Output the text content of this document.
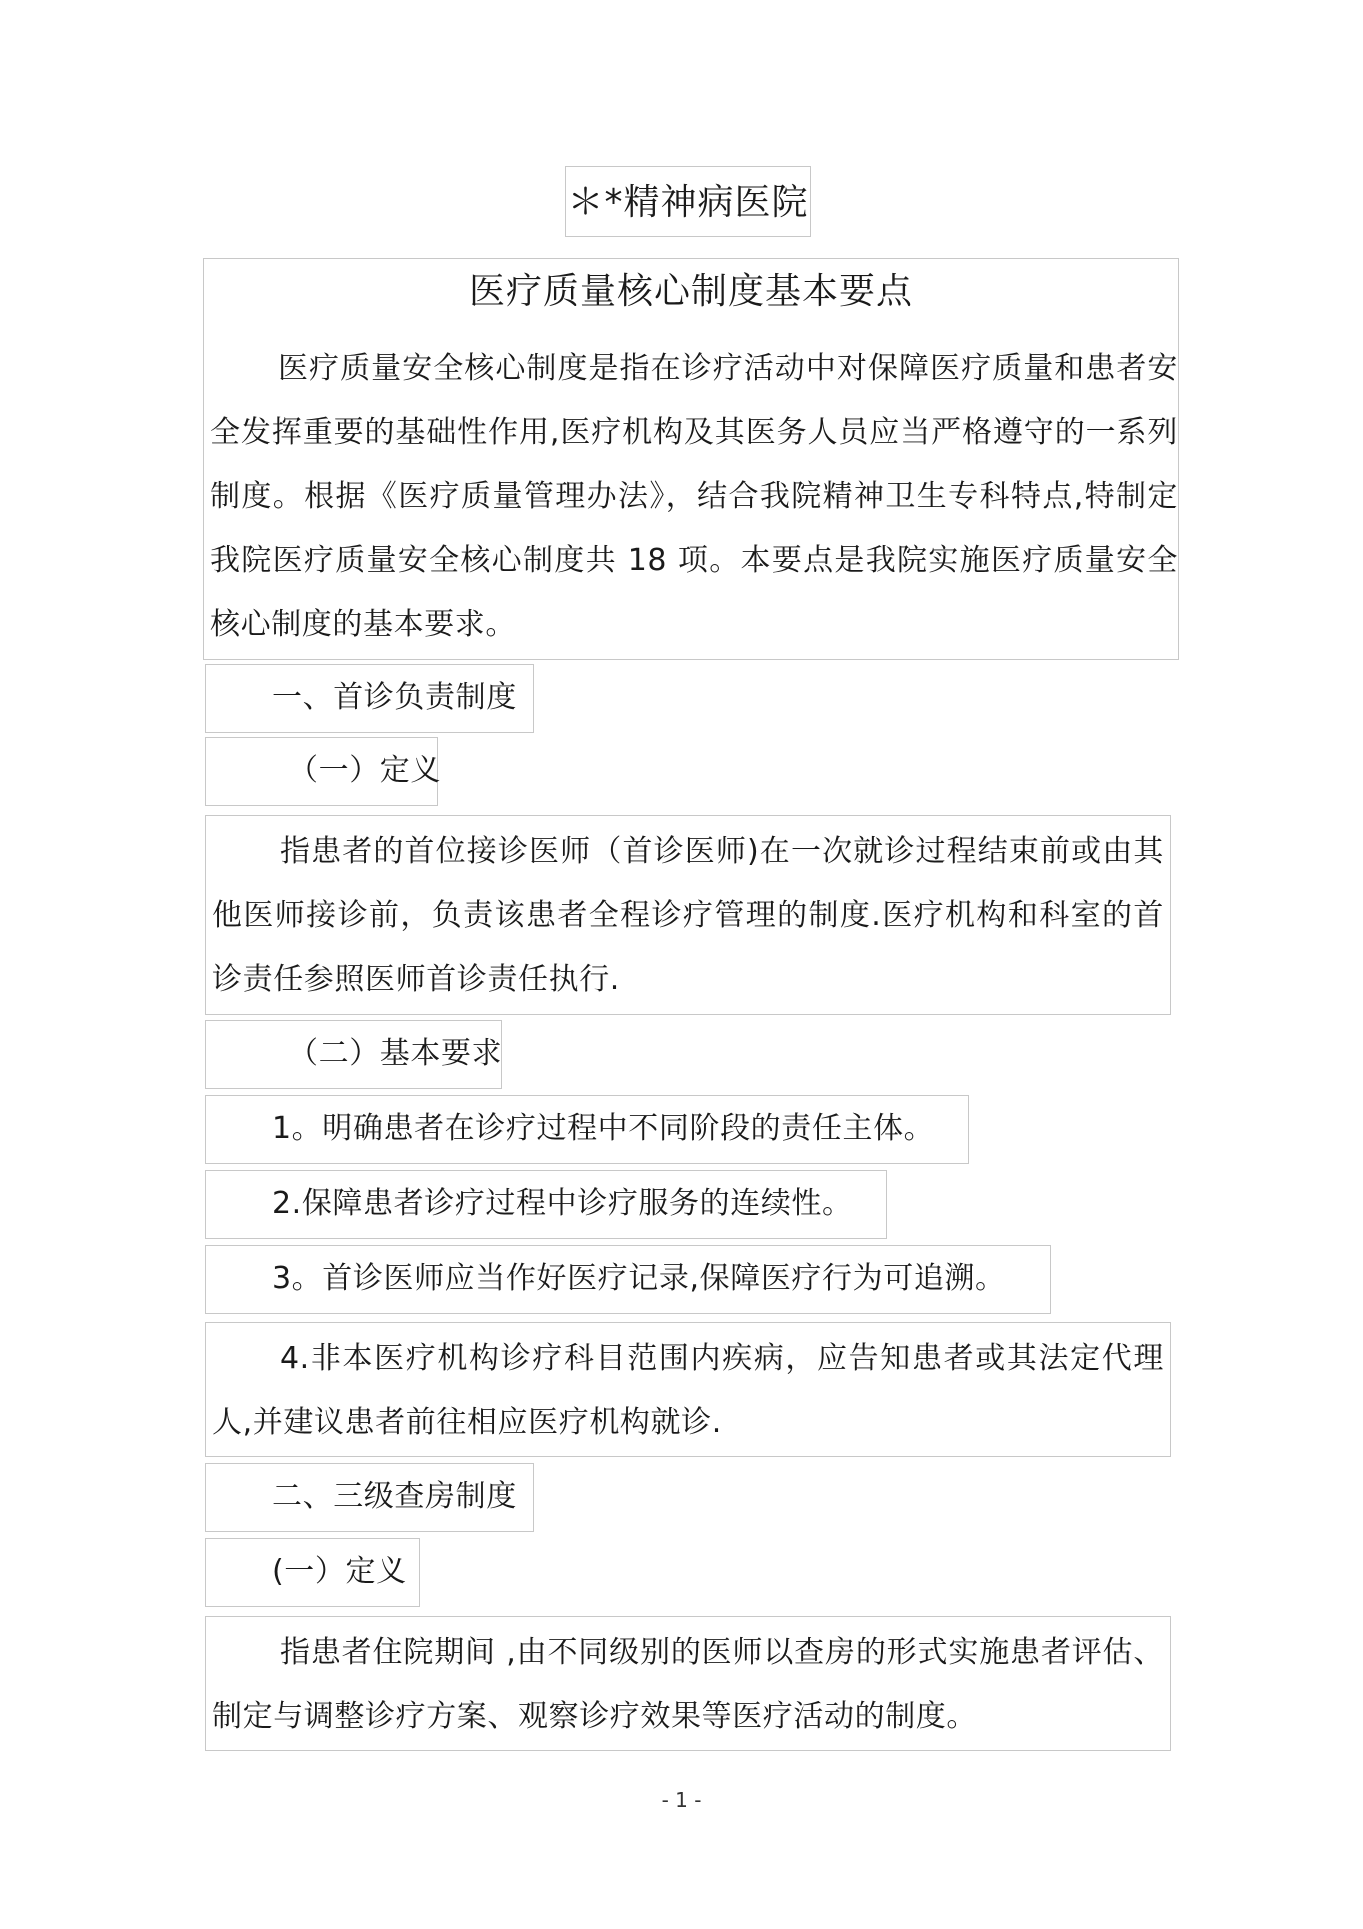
＊*精神病医院
医疗质量核心制度基本要点

医疗质量安全核心制度是指在诊疗活动中对保障医疗质量和患者安全发挥重要的基础性作用,医疗机构及其医务人员应当严格遵守的一系列制度。根据《医疗质量管理办法》，结合我院精神卫生专科特点,特制定我院医疗质量安全核心制度共 18 项。本要点是我院实施医疗质量安全核心制度的基本要求。

一、首诊负责制度
（一）定义

指患者的首位接诊医师（首诊医师)在一次就诊过程结束前或由其他医师接诊前，负责该患者全程诊疗管理的制度.医疗机构和科室的首诊责任参照医师首诊责任执行.

（二）基本要求
1。明确患者在诊疗过程中不同阶段的责任主体。
2.保障患者诊疗过程中诊疗服务的连续性。
3。首诊医师应当作好医疗记录,保障医疗行为可追溯。

4.非本医疗机构诊疗科目范围内疾病，应告知患者或其法定代理人,并建议患者前往相应医疗机构就诊.

二、三级查房制度
(一）定义

指患者住院期间 ,由不同级别的医师以查房的形式实施患者评估、制定与调整诊疗方案、观察诊疗效果等医疗活动的制度。

- 1 -
